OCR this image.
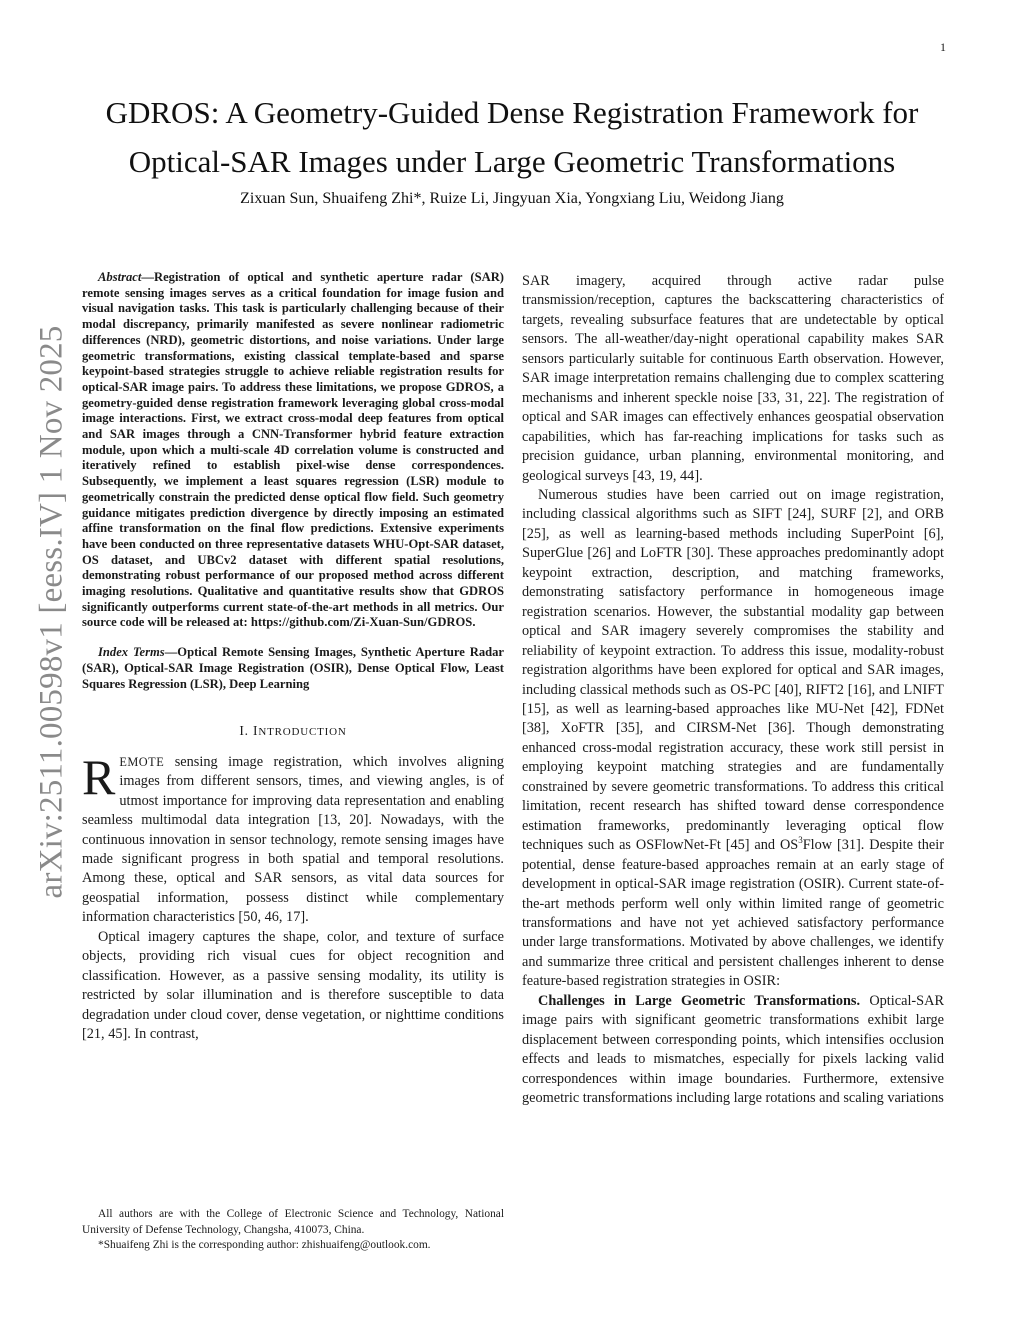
1
arXiv:2511.00598v1 [eess.IV] 1 Nov 2025
GDROS: A Geometry-Guided Dense Registration Framework for
Optical-SAR Images under Large Geometric Transformations
Zixuan Sun, Shuaifeng Zhi*, Ruize Li, Jingyuan Xia, Yongxiang Liu, Weidong Jiang

Abstract—Registration of optical and synthetic aperture radar (SAR) remote sensing images serves as a critical foundation for image fusion and visual navigation tasks. This task is particularly challenging because of their modal discrepancy, primarily manifested as severe nonlinear radiometric differences (NRD), geometric distortions, and noise variations. Under large geometric transformations, existing classical template-based and sparse keypoint-based strategies struggle to achieve reliable registration results for optical-SAR image pairs. To address these limitations, we propose GDROS, a geometry-guided dense registration framework leveraging global cross-modal image interactions. First, we extract cross-modal deep features from optical and SAR images through a CNN-Transformer hybrid feature extraction module, upon which a multi-scale 4D correlation volume is constructed and iteratively refined to establish pixel-wise dense correspondences. Subsequently, we implement a least squares regression (LSR) module to geometrically constrain the predicted dense optical flow field. Such geometry guidance mitigates prediction divergence by directly imposing an estimated affine transformation on the final flow predictions. Extensive experiments have been conducted on three representative datasets WHU-Opt-SAR dataset, OS dataset, and UBCv2 dataset with different spatial resolutions, demonstrating robust performance of our proposed method across different imaging resolutions. Qualitative and quantitative results show that GDROS significantly outperforms current state-of-the-art methods in all metrics. Our source code will be released at: https://github.com/Zi-Xuan-Sun/GDROS.

Index Terms—Optical Remote Sensing Images, Synthetic Aperture Radar (SAR), Optical-SAR Image Registration (OSIR), Dense Optical Flow, Least Squares Regression (LSR), Deep Learning

I. INTRODUCTION

REMOTE sensing image registration, which involves aligning images from different sensors, times, and viewing angles, is of utmost importance for improving data representation and enabling seamless multimodal data integration [13, 20]. Nowadays, with the continuous innovation in sensor technology, remote sensing images have made significant progress in both spatial and temporal resolutions. Among these, optical and SAR sensors, as vital data sources for geospatial information, possess distinct while complementary information characteristics [50, 46, 17].

Optical imagery captures the shape, color, and texture of surface objects, providing rich visual cues for object recognition and classification. However, as a passive sensing modality, its utility is restricted by solar illumination and is therefore susceptible to data degradation under cloud cover, dense vegetation, or nighttime conditions [21, 45]. In contrast,

SAR imagery, acquired through active radar pulse transmission/reception, captures the backscattering characteristics of targets, revealing subsurface features that are undetectable by optical sensors. The all-weather/day-night operational capability makes SAR sensors particularly suitable for continuous Earth observation. However, SAR image interpretation remains challenging due to complex scattering mechanisms and inherent speckle noise [33, 31, 22]. The registration of optical and SAR images can effectively enhances geospatial observation capabilities, which has far-reaching implications for tasks such as precision guidance, urban planning, environmental monitoring, and geological surveys [43, 19, 44].

Numerous studies have been carried out on image registration, including classical algorithms such as SIFT [24], SURF [2], and ORB [25], as well as learning-based methods including SuperPoint [6], SuperGlue [26] and LoFTR [30]. These approaches predominantly adopt keypoint extraction, description, and matching frameworks, demonstrating satisfactory performance in homogeneous image registration scenarios. However, the substantial modality gap between optical and SAR imagery severely compromises the stability and reliability of keypoint extraction. To address this issue, modality-robust registration algorithms have been explored for optical and SAR images, including classical methods such as OS-PC [40], RIFT2 [16], and LNIFT [15], as well as learning-based approaches like MU-Net [42], FDNet [38], XoFTR [35], and CIRSM-Net [36]. Though demonstrating enhanced cross-modal registration accuracy, these work still persist in employing keypoint matching strategies and are fundamentally constrained by severe geometric transformations. To address this critical limitation, recent research has shifted toward dense correspondence estimation frameworks, predominantly leveraging optical flow techniques such as OSFlowNet-Ft [45] and $OS^3Flow$ [31]. Despite their potential, dense feature-based approaches remain at an early stage of development in optical-SAR image registration (OSIR). Current state-of-the-art methods perform well only within limited range of geometric transformations and have not yet achieved satisfactory performance under large transformations. Motivated by above challenges, we identify and summarize three critical and persistent challenges inherent to dense feature-based registration strategies in OSIR:

Challenges in Large Geometric Transformations. Optical-SAR image pairs with significant geometric transformations exhibit large displacement between corresponding points, which intensifies occlusion effects and leads to mismatches, especially for pixels lacking valid correspondences within image boundaries. Furthermore, extensive geometric transformations including large rotations and scaling variations

All authors are with the College of Electronic Science and Technology, National University of Defense Technology, Changsha, 410073, China.

*Shuaifeng Zhi is the corresponding author: zhishuaifeng@outlook.com.
